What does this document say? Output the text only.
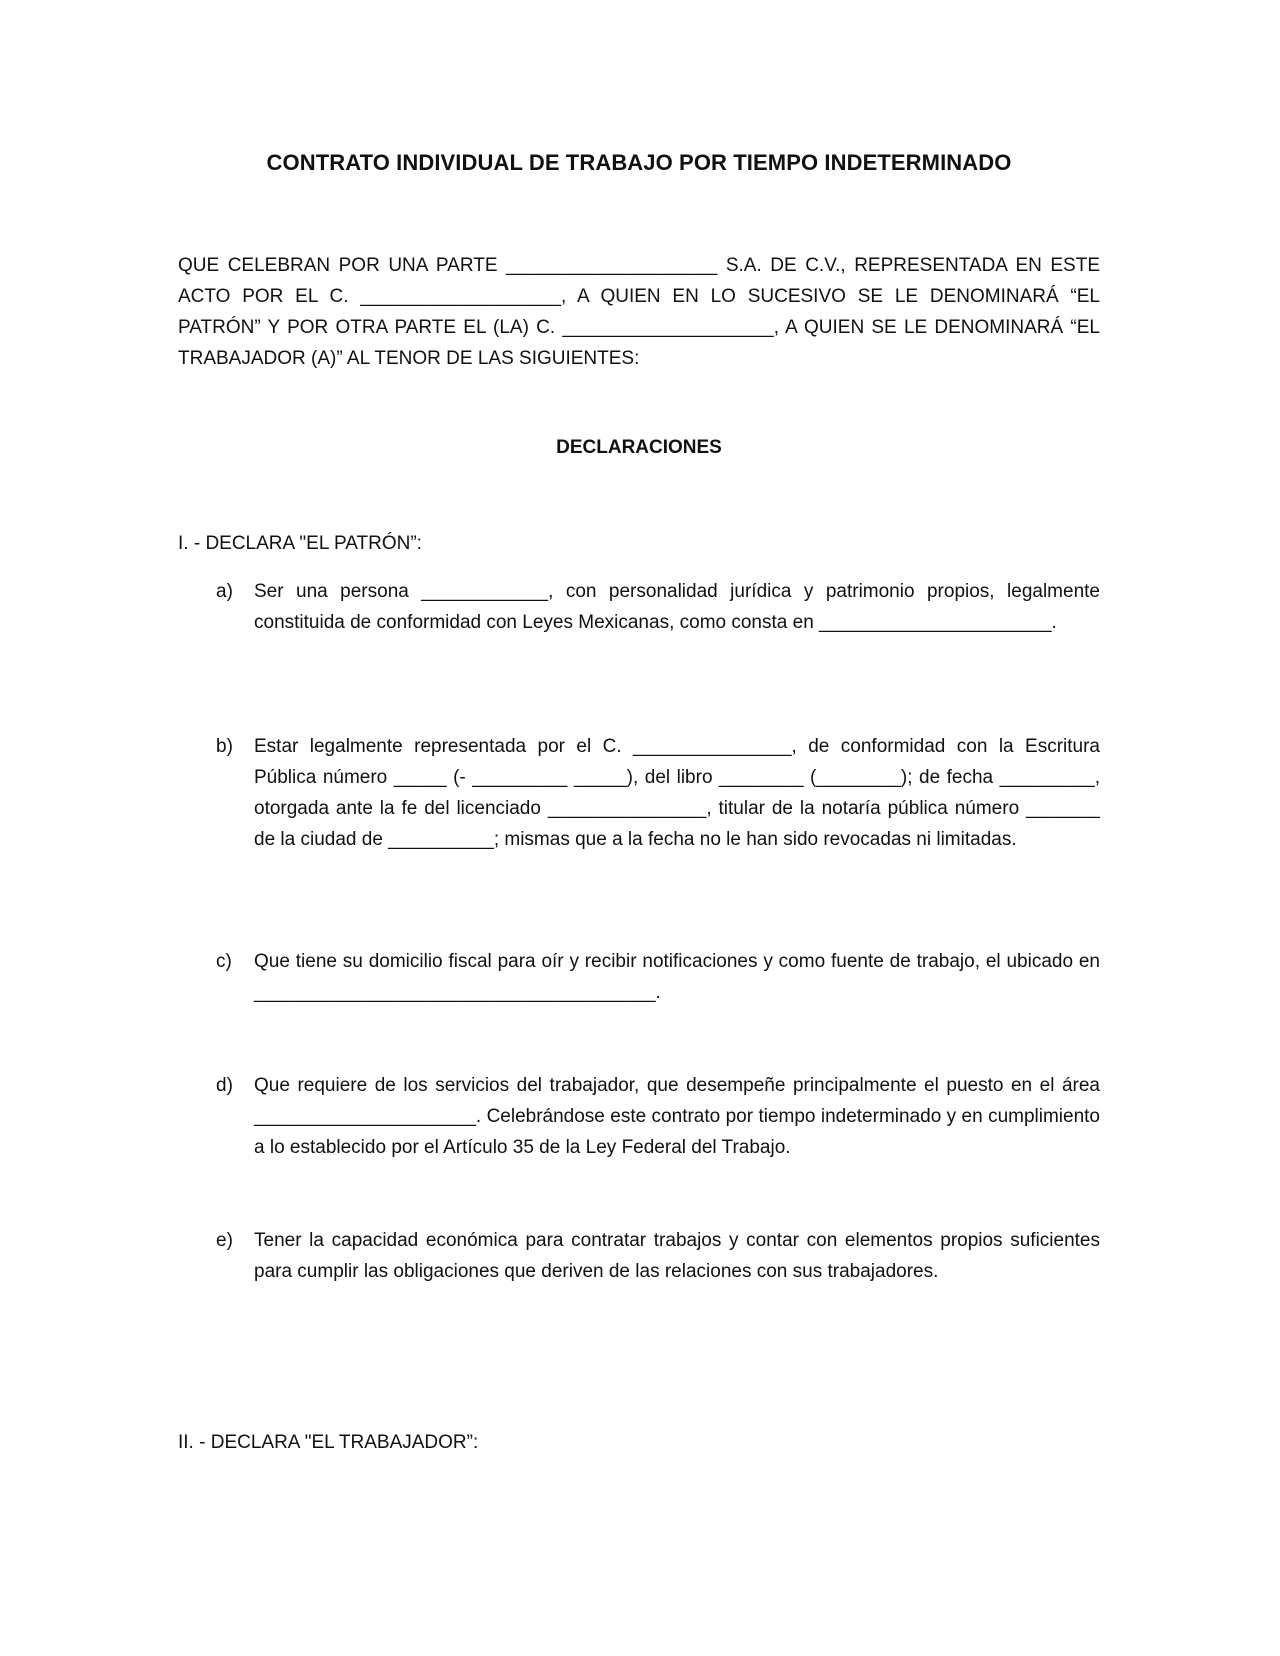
CONTRATO INDIVIDUAL DE TRABAJO POR TIEMPO INDETERMINADO

QUE CELEBRAN POR UNA PARTE ____________________ S.A. DE C.V., REPRESENTADA EN ESTE ACTO POR EL C. ___________________, A QUIEN EN LO SUCESIVO SE LE DENOMINARÁ “EL PATRÓN” Y POR OTRA PARTE EL (LA) C. ____________________, A QUIEN SE LE DENOMINARÁ “EL TRABAJADOR (A)” AL TENOR DE LAS SIGUIENTES:

DECLARACIONES

I. - DECLARA "EL PATRÓN”:

a)	Ser una persona ____________, con personalidad jurídica y patrimonio propios, legalmente constituida de conformidad con Leyes Mexicanas, como consta en ______________________.
b)	Estar legalmente representada por el C. _______________, de conformidad con la Escritura Pública número _____ (- _________ _____), del libro ________ (________); de fecha _________, otorgada ante la fe del licenciado _______________, titular de la notaría pública número _______ de la ciudad de __________; mismas que a la fecha no le han sido revocadas ni limitadas.
c)	Que tiene su domicilio fiscal para oír y recibir notificaciones y como fuente de trabajo, el ubicado en ______________________________________.
d)	Que requiere de los servicios del trabajador, que desempeñe principalmente el puesto en el área _____________________. Celebrándose este contrato por tiempo indeterminado y en cumplimiento a lo establecido por el Artículo 35 de la Ley Federal del Trabajo.
e)	Tener la capacidad económica para contratar trabajos y contar con elementos propios suficientes para cumplir las obligaciones que deriven de las relaciones con sus trabajadores.

II. - DECLARA "EL TRABAJADOR”:
